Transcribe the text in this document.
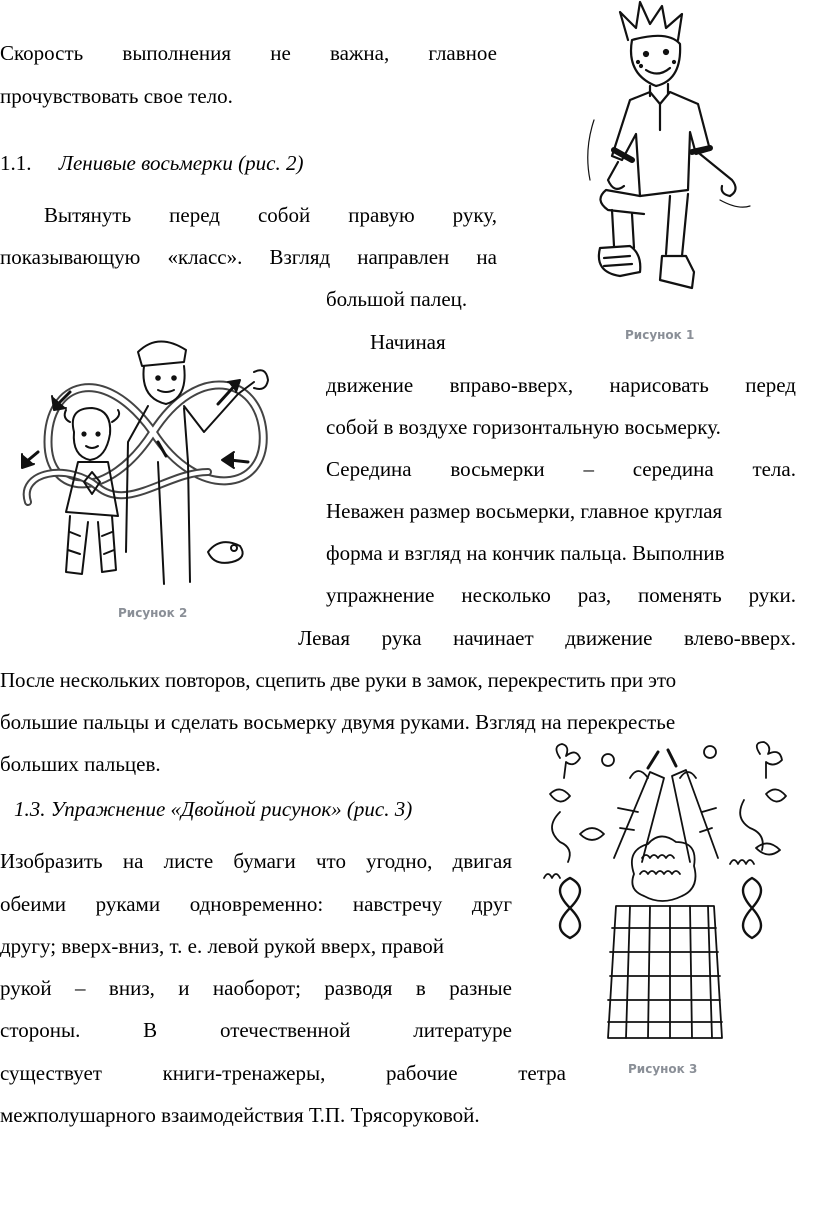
Скорость выполнения не важна, главное
прочувствовать свое тело.
1.1. Ленивые восьмерки (рис. 2)
Вытянуть перед собой правую руку,
показывающую «класс». Взгляд направлен на
большой палец.
Начиная
движение вправо-вверх, нарисовать перед
собой в воздухе горизонтальную восьмерку.
Середина восьмерки – середина тела.
Неважен размер восьмерки, главное круглая
форма и взгляд на кончик пальца. Выполнив
упражнение несколько раз, поменять руки.
Левая рука начинает движение влево-вверх.
После нескольких повторов, сцепить две руки в замок, перекрестить при это
большие пальцы и сделать восьмерку двумя руками. Взгляд на перекрестье
больших пальцев.
1.3. Упражнение «Двойной рисунок» (рис. 3)
Изобразить на листе бумаги что угодно, двигая
обеими руками одновременно: навстречу друг
другу; вверх-вниз, т. е. левой рукой вверх, правой
рукой – вниз, и наоборот; разводя в разные
стороны.	В	отечественной	литературе
существует	книги-тренажеры,	рабочие	тетра
межполушарного взаимодействия Т.П. Трясоруковой.
Рисунок 1
Рисунок 2
Рисунок 3
